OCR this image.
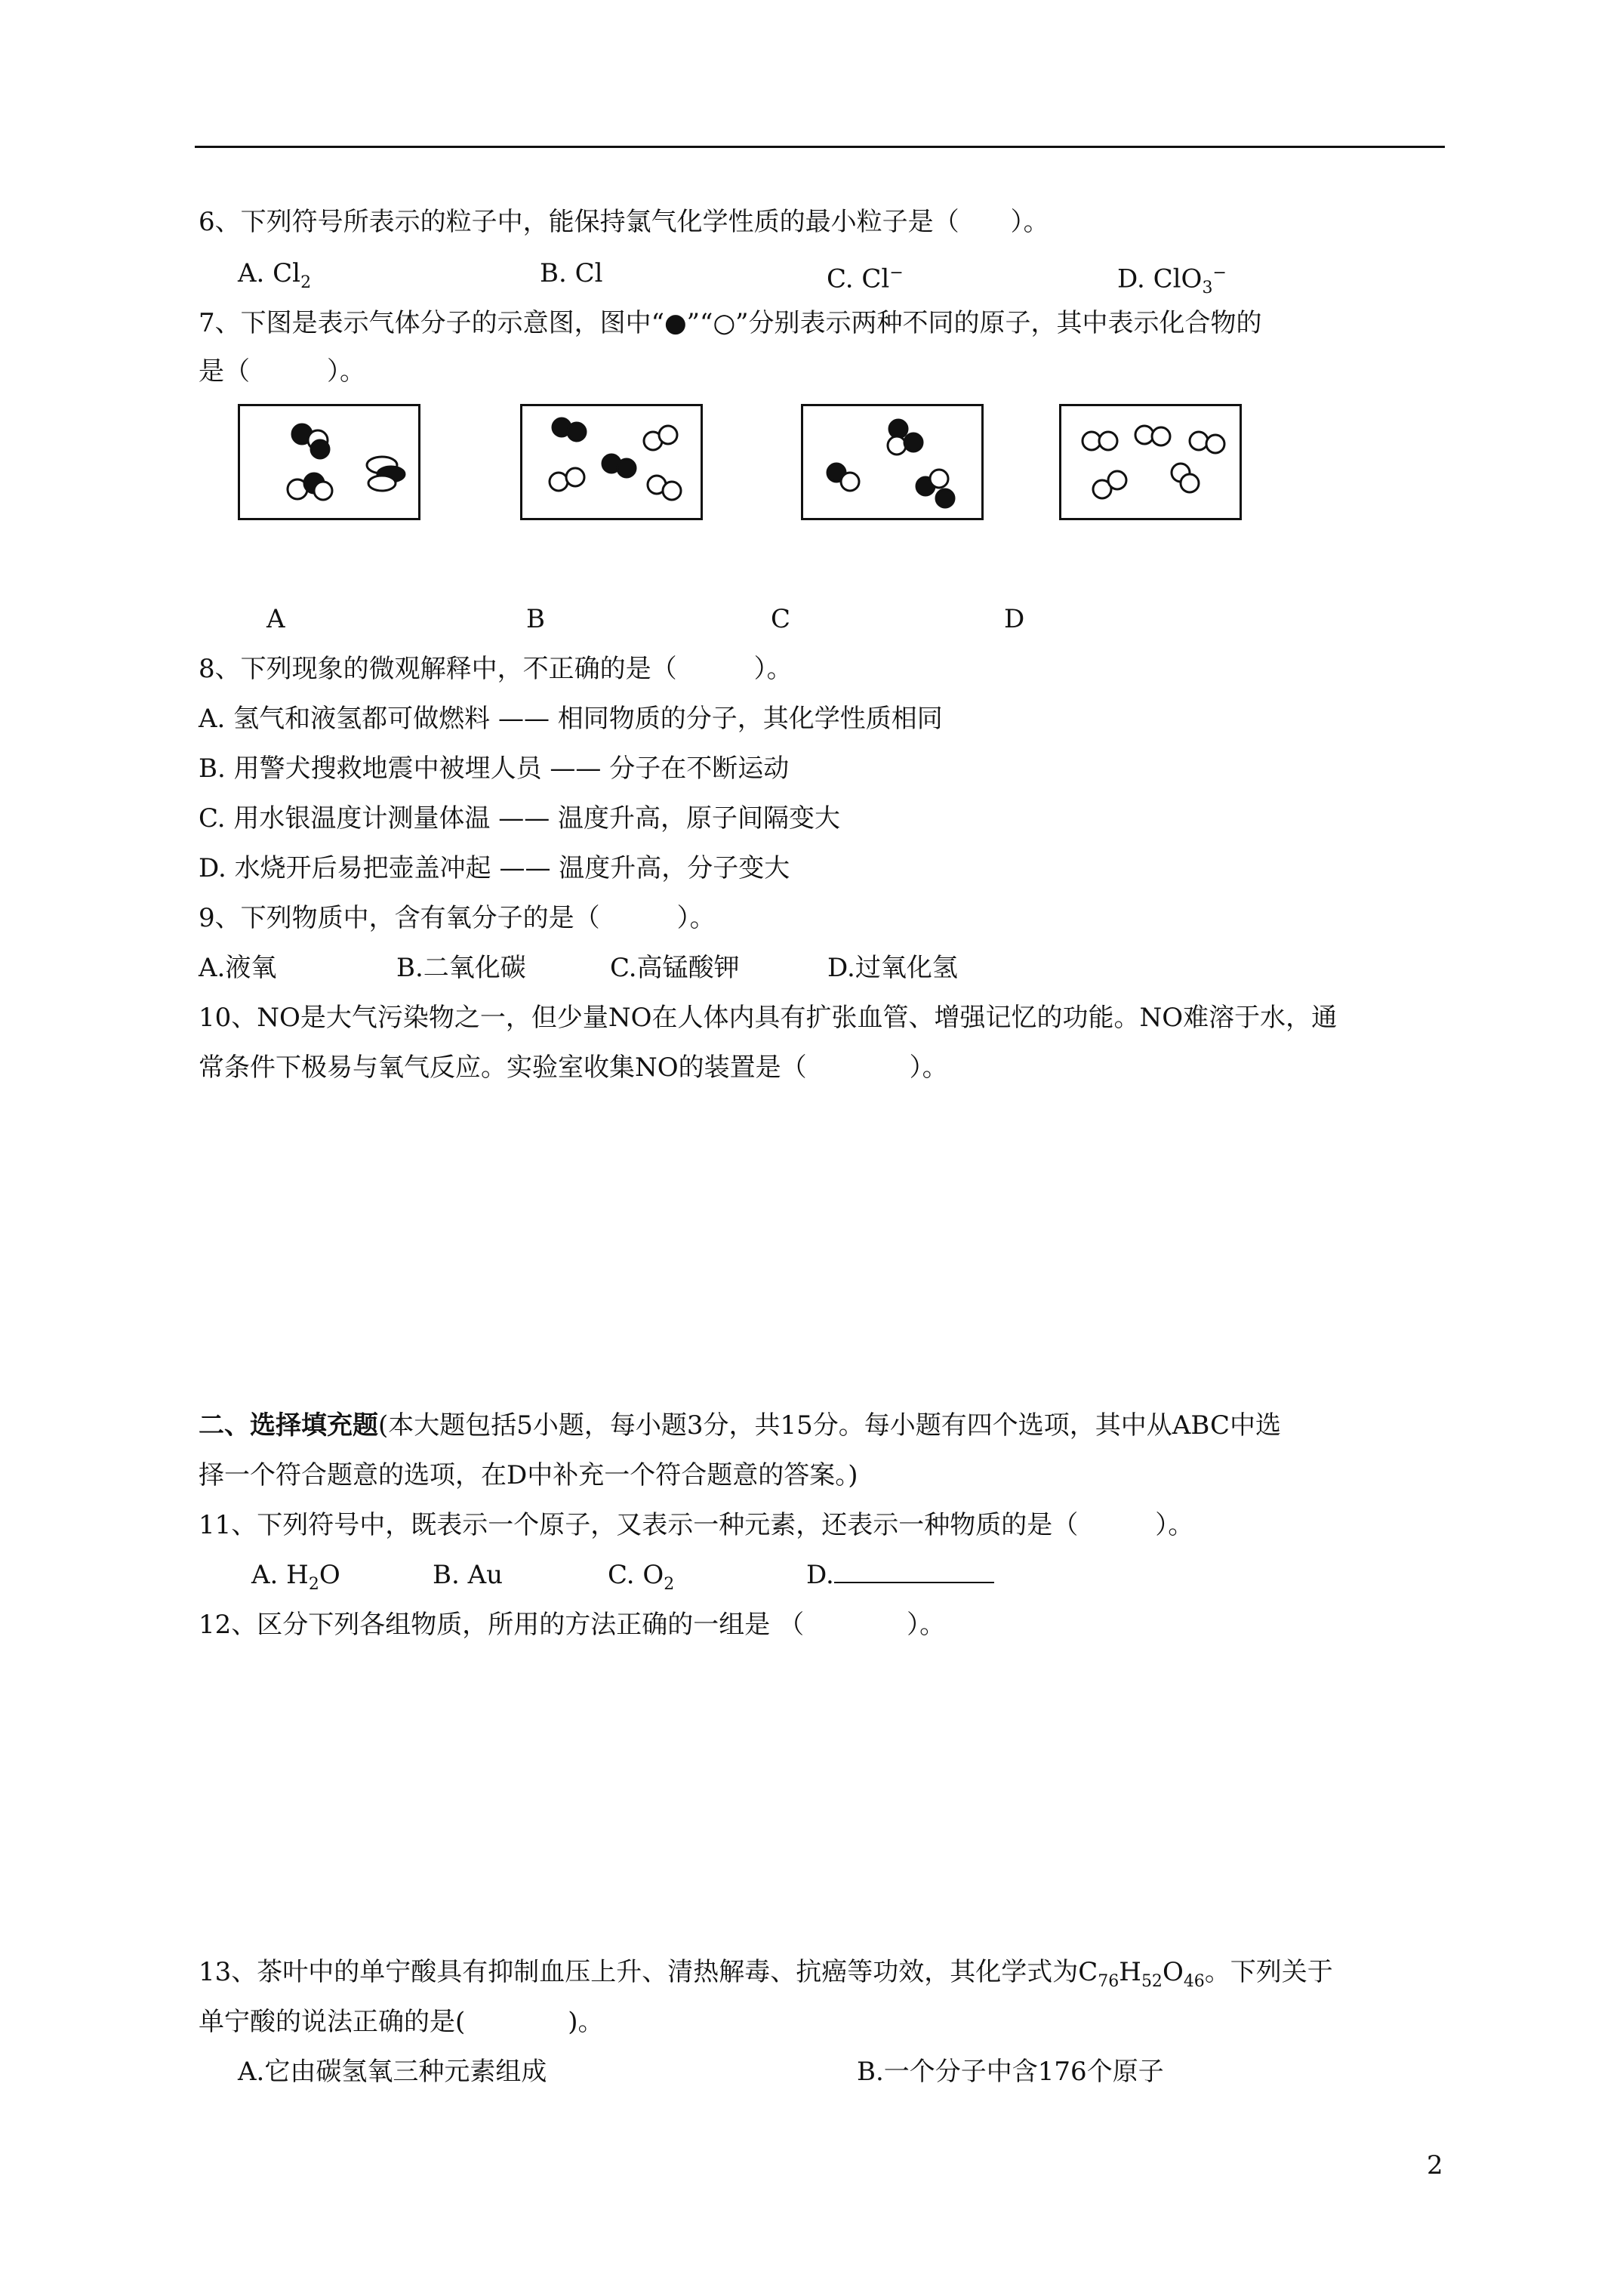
6、下列符号所表示的粒子中，能保持氯气化学性质的最小粒子是（　　）。
A. $Cl_2$	B. Cl	C. Cl−	D. ClO$_3$−
7、下图是表示气体分子的示意图，图中“●”“○”分别表示两种不同的原子，其中表示化合物的
是（　　　）。
A	B	C	D
8、下列现象的微观解释中，不正确的是（　　　）。
A. 氢气和液氢都可做燃料 —— 相同物质的分子，其化学性质相同
B. 用警犬搜救地震中被埋人员 —— 分子在不断运动
C. 用水银温度计测量体温 —— 温度升高，原子间隔变大
D. 水烧开后易把壶盖冲起 —— 温度升高，分子变大
9、下列物质中，含有氧分子的是（　　　）。
A.液氧	B.二氧化碳	C.高锰酸钾	D.过氧化氢
10、NO是大气污染物之一，但少量NO在人体内具有扩张血管、增强记忆的功能。NO难溶于水，通
常条件下极易与氧气反应。实验室收集NO的装置是（　　　　）。
二、选择填充题(本大题包括5小题，每小题3分，共15分。每小题有四个选项，其中从ABC中选
择一个符合题意的选项，在D中补充一个符合题意的答案。)
11、下列符号中，既表示一个原子，又表示一种元素，还表示一种物质的是（　　　）。
A. $H_2O$	B. Au	C. $O_2$	D.
12、区分下列各组物质，所用的方法正确的一组是 （　　　　）。
13、茶叶中的单宁酸具有抑制血压上升、清热解毒、抗癌等功效，其化学式为$C_{76}H_{52}O_{46}$。下列关于
单宁酸的说法正确的是(　　　　)。
A.它由碳氢氧三种元素组成	B.一个分子中含176个原子
2
